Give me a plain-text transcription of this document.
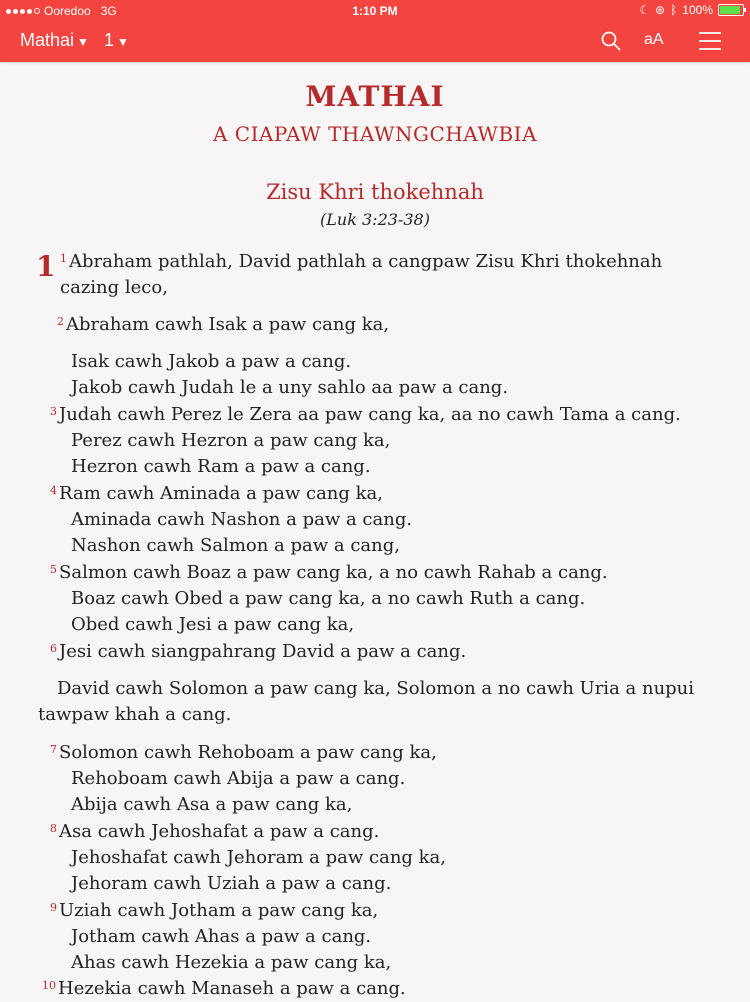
Ooredoo 3G	1:10 PM	☾ ⊛ ᛒ 100%
Mathai ▼ 1 ▼	aA
MATHAI
A CIAPAW THAWNGCHAWBIA
Zisu Khri thokehnah
(Luk 3:23-38)
1 $^1$ Abraham pathlah, David pathlah a cangpaw Zisu Khri thokehnah
cazing leco,
$^2$ Abraham cawh Isak a paw cang ka,
Isak cawh Jakob a paw a cang.
Jakob cawh Judah le a uny sahlo aa paw a cang.
$^3$ Judah cawh Perez le Zera aa paw cang ka, aa no cawh Tama a cang.
Perez cawh Hezron a paw cang ka,
Hezron cawh Ram a paw a cang.
$^4$ Ram cawh Aminada a paw cang ka,
Aminada cawh Nashon a paw a cang.
Nashon cawh Salmon a paw a cang,
$^5$ Salmon cawh Boaz a paw cang ka, a no cawh Rahab a cang.
Boaz cawh Obed a paw cang ka, a no cawh Ruth a cang.
Obed cawh Jesi a paw cang ka,
$^6$ Jesi cawh siangpahrang David a paw a cang.
David cawh Solomon a paw cang ka, Solomon a no cawh Uria a nupui
tawpaw khah a cang.
$^7$ Solomon cawh Rehoboam a paw cang ka,
Rehoboam cawh Abija a paw a cang.
Abija cawh Asa a paw cang ka,
$^8$ Asa cawh Jehoshafat a paw a cang.
Jehoshafat cawh Jehoram a paw cang ka,
Jehoram cawh Uziah a paw a cang.
$^9$ Uziah cawh Jotham a paw cang ka,
Jotham cawh Ahas a paw a cang.
Ahas cawh Hezekia a paw cang ka,
$^{10}$ Hezekia cawh Manaseh a paw a cang.
